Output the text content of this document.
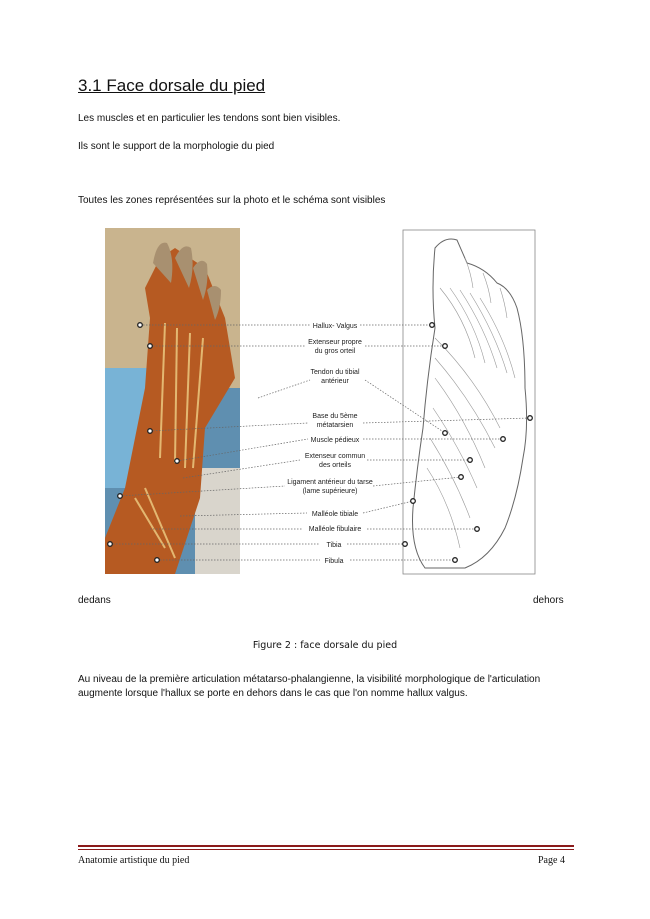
3.1 Face dorsale du pied
Les muscles et en particulier les tendons sont bien visibles.
Ils sont le support de la morphologie du pied
Toutes les zones représentées sur la photo et le schéma sont visibles
Hallux- Valgus
Extenseur propre
du gros orteil
Tendon du tibial
antérieur
Base du 5ème
métatarsien
Muscle pédieux
Extenseur commun
des orteils
Ligament antérieur du tarse
(lame supérieure)
Malléole tibiale
Malléole fibulaire
Tibia
Fibula
dedans	dehors
Figure 2 : face dorsale du pied
Au niveau de la première articulation métatarso-phalangienne, la visibilité morphologique de l'articulation augmente lorsque l'hallux se porte en dehors dans le cas que l'on nomme hallux valgus.
Anatomie artistique du pied	Page 4
